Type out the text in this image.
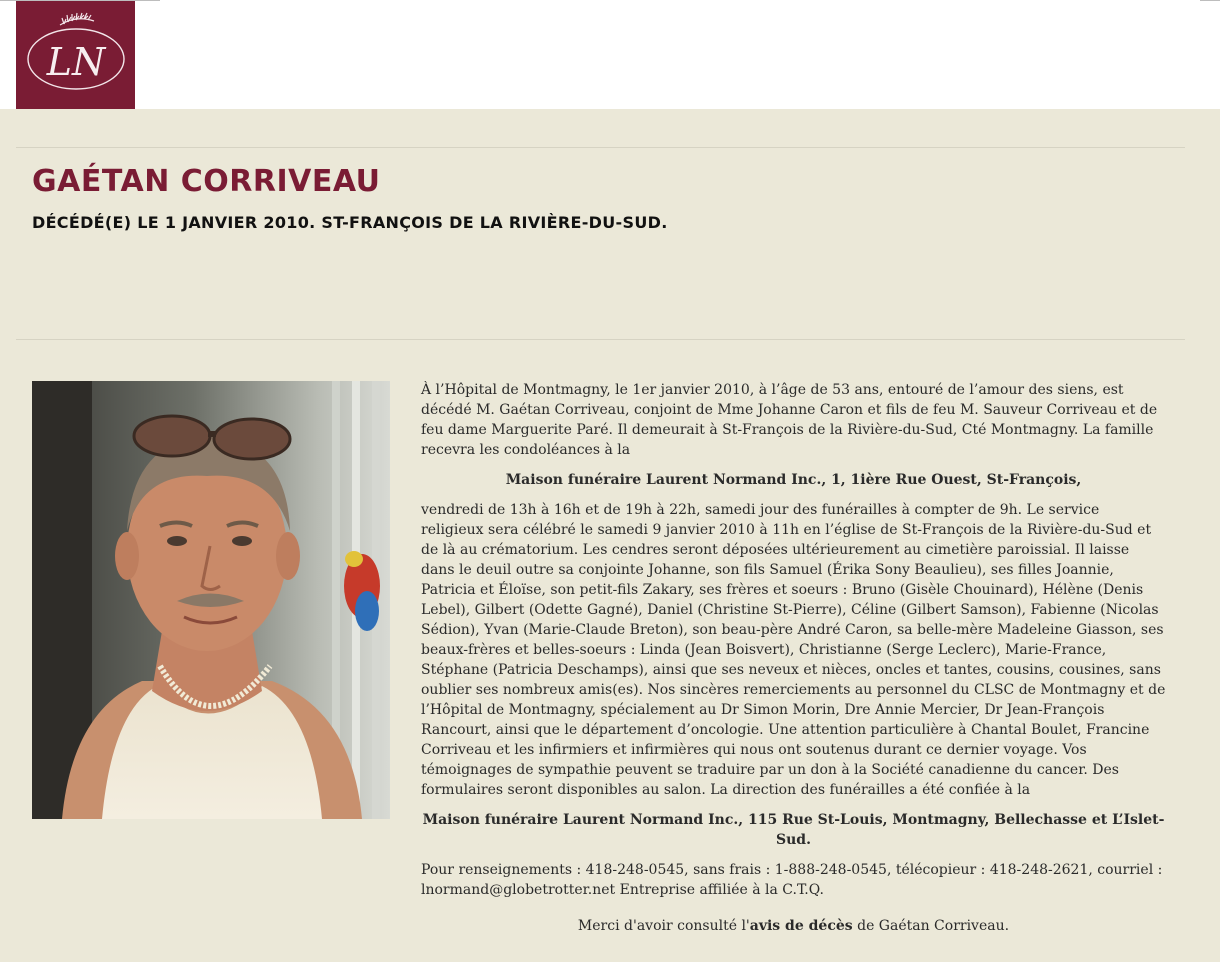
LN
GAÉTAN CORRIVEAU
DÉCÉDÉ(E) LE 1 JANVIER 2010. ST-FRANÇOIS DE LA RIVIÈRE-DU-SUD.

À l’Hôpital de Montmagny, le 1er janvier 2010, à l’âge de 53 ans, entouré de l’amour des siens, est décédé M. Gaétan Corriveau, conjoint de Mme Johanne Caron et fils de feu M. Sauveur Corriveau et de feu dame Marguerite Paré. Il demeurait à St-François de la Rivière-du-Sud, Cté Montmagny. La famille recevra les condoléances à la

Maison funéraire Laurent Normand Inc., 1, 1ière Rue Ouest, St-François,

vendredi de 13h à 16h et de 19h à 22h, samedi jour des funérailles à compter de 9h. Le service religieux sera célébré le samedi 9 janvier 2010 à 11h en l’église de St-François de la Rivière-du-Sud et de là au crématorium. Les cendres seront déposées ultérieurement au cimetière paroissial. Il laisse dans le deuil outre sa conjointe Johanne, son fils Samuel (Érika Sony Beaulieu), ses filles Joannie, Patricia et Éloïse, son petit-fils Zakary, ses frères et soeurs : Bruno (Gisèle Chouinard), Hélène (Denis Lebel), Gilbert (Odette Gagné), Daniel (Christine St-Pierre), Céline (Gilbert Samson), Fabienne (Nicolas Sédion), Yvan (Marie-Claude Breton), son beau-père André Caron, sa belle-mère Madeleine Giasson, ses beaux-frères et belles-soeurs : Linda (Jean Boisvert), Christianne (Serge Leclerc), Marie-France, Stéphane (Patricia Deschamps), ainsi que ses neveux et nièces, oncles et tantes, cousins, cousines, sans oublier ses nombreux amis(es). Nos sincères remerciements au personnel du CLSC de Montmagny et de l’Hôpital de Montmagny, spécialement au Dr Simon Morin, Dre Annie Mercier, Dr Jean-François Rancourt, ainsi que le département d’oncologie. Une attention particulière à Chantal Boulet, Francine Corriveau et les infirmiers et infirmières qui nous ont soutenus durant ce dernier voyage. Vos témoignages de sympathie peuvent se traduire par un don à la Société canadienne du cancer. Des formulaires seront disponibles au salon. La direction des funérailles a été confiée à la

Maison funéraire Laurent Normand Inc., 115 Rue St-Louis, Montmagny, Bellechasse et L’Islet-Sud.

Pour renseignements : 418-248-0545, sans frais : 1-888-248-0545, télécopieur : 418-248-2621, courriel : lnormand@globetrotter.net Entreprise affiliée à la C.T.Q.

Merci d'avoir consulté l'avis de décès de Gaétan Corriveau.
